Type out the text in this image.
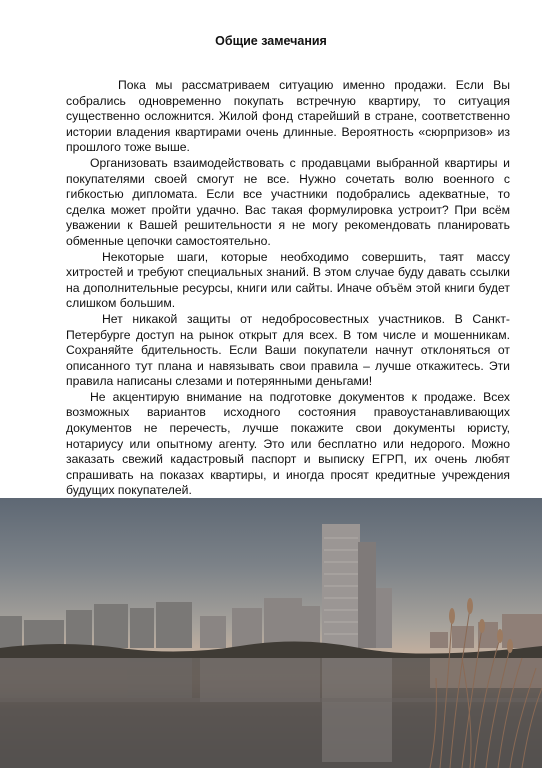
Общие замечания

Пока мы рассматриваем ситуацию именно продажи. Если Вы собрались одновременно покупать встречную квартиру, то ситуация существенно осложнится. Жилой фонд старейший в стране, соответственно истории владения квартирами очень длинные. Вероятность «сюрпризов» из прошлого тоже выше.

Организовать взаимодействовать с продавцами выбранной квартиры и покупателями своей смогут не все. Нужно сочетать волю военного с гибкостью дипломата. Если все участники подобрались адекватные, то сделка может пройти удачно. Вас такая формулировка устроит? При всём уважении к Вашей решительности я не могу рекомендовать планировать обменные цепочки самостоятельно.

Некоторые шаги, которые необходимо совершить, таят массу хитростей и требуют специальных знаний. В этом случае буду давать ссылки на дополнительные ресурсы, книги или сайты. Иначе объём этой книги будет слишком большим.

Нет никакой защиты от недобросовестных участников. В Санкт-Петербурге доступ на рынок открыт для всех. В том числе и мошенникам. Сохраняйте бдительность. Если Ваши покупатели начнут отклоняться от описанного тут плана и навязывать свои правила – лучше откажитесь. Эти правила написаны слезами и потерянными деньгами!

Не акцентирую внимание на подготовке документов к продаже. Всех возможных вариантов исходного состояния правоустанавливающих документов не перечесть, лучше покажите свои документы юристу, нотариусу или опытному агенту. Это или бесплатно или недорого. Можно заказать свежий кадастровый паспорт и выписку ЕГРП, их очень любят спрашивать на показах квартиры, и иногда просят кредитные учреждения будущих покупателей.
